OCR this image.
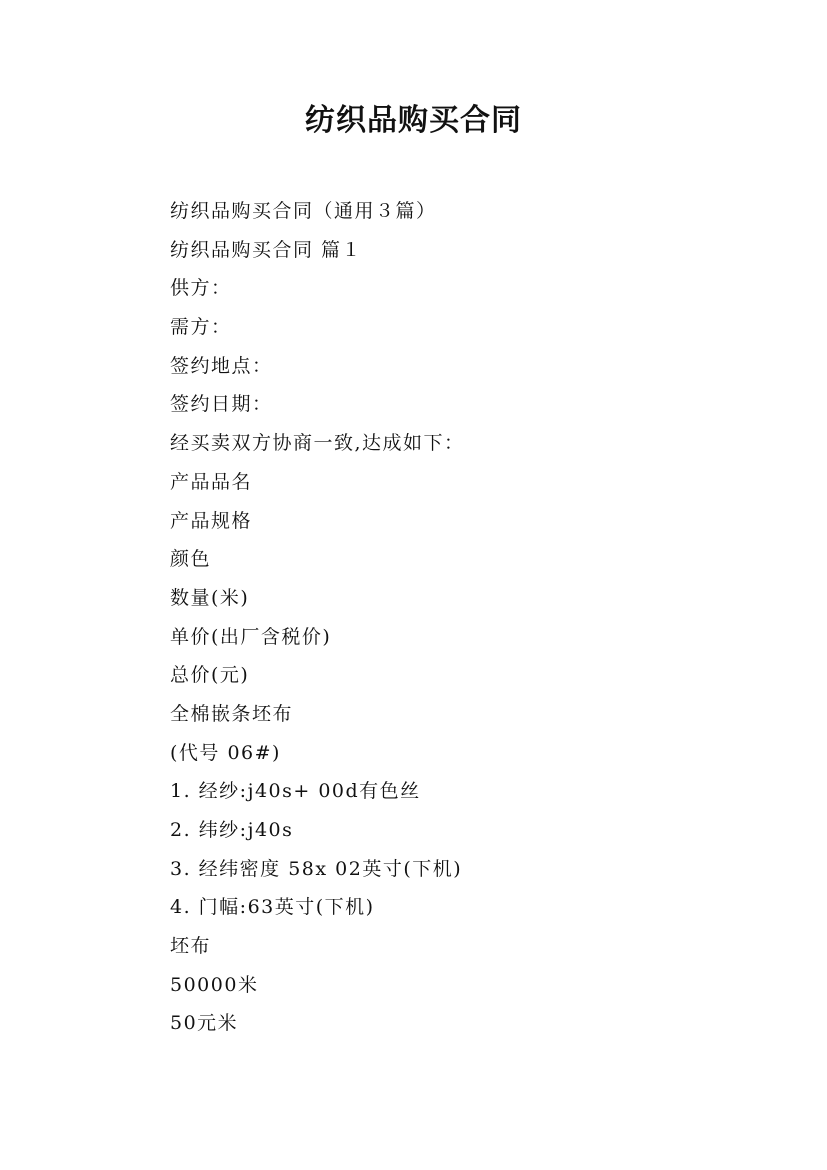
纺织品购买合同
纺织品购买合同（通用３篇）
纺织品购买合同 篇１
供方：
需方：
签约地点：
签约日期：
经买卖双方协商一致,达成如下：
产品品名
产品规格
颜色
数量(米)
单价(出厂含税价)
总价(元)
全棉嵌条坯布
(代号 06#)
1. 经纱:j40s+ 00d有色丝
2. 纬纱:j40s
3. 经纬密度 58x 02英寸(下机)
4. 门幅:63英寸(下机)
坯布
50000米
50元米
